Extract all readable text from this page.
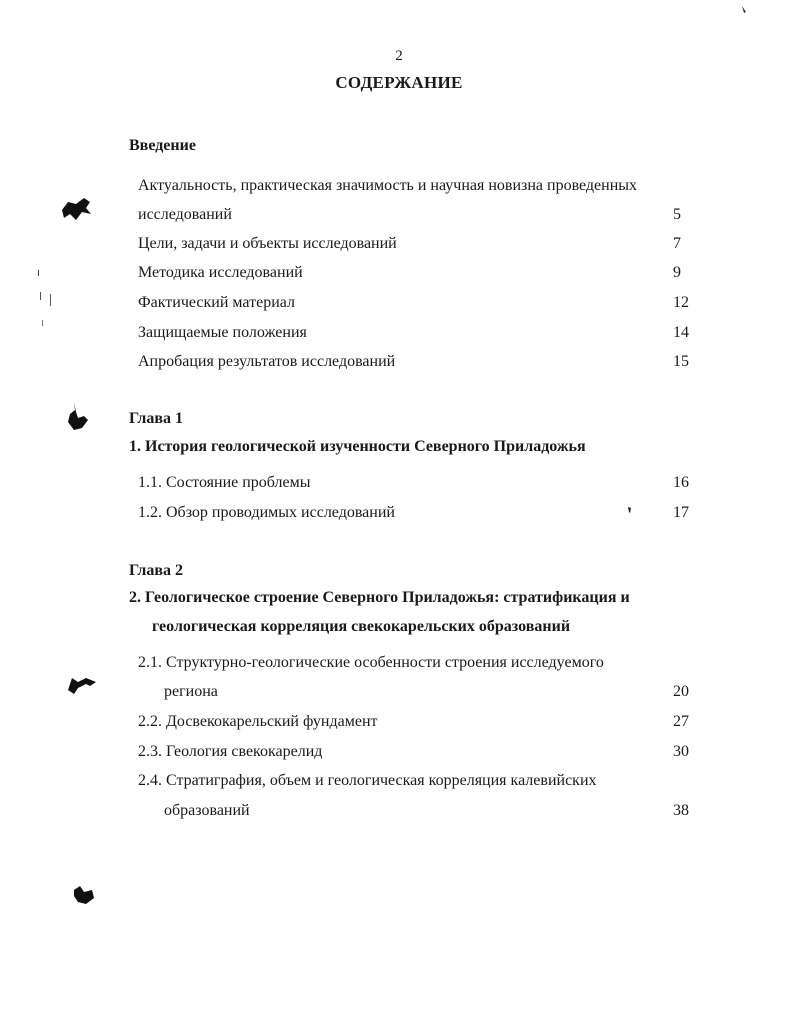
2
СОДЕРЖАНИЕ
Введение
Актуальность, практическая значимость и научная новизна проведенных
исследований	5
Цели, задачи и объекты исследований	7
Методика исследований	9
Фактический материал	12
Защищаемые положения	14
Апробация результатов исследований	15
Глава 1
1. История геологической изученности Северного Приладожья
1.1. Состояние проблемы	16
1.2. Обзор проводимых исследований	17
Глава 2
2. Геологическое строение Северного Приладожья: стратификация и
геологическая корреляция свекокарельских образований
2.1. Структурно-геологические особенности строения исследуемого
региона	20
2.2. Досвекокарельский фундамент	27
2.3. Геология свекокарелид	30
2.4. Стратиграфия, объем и геологическая корреляция калевийских
образований	38
